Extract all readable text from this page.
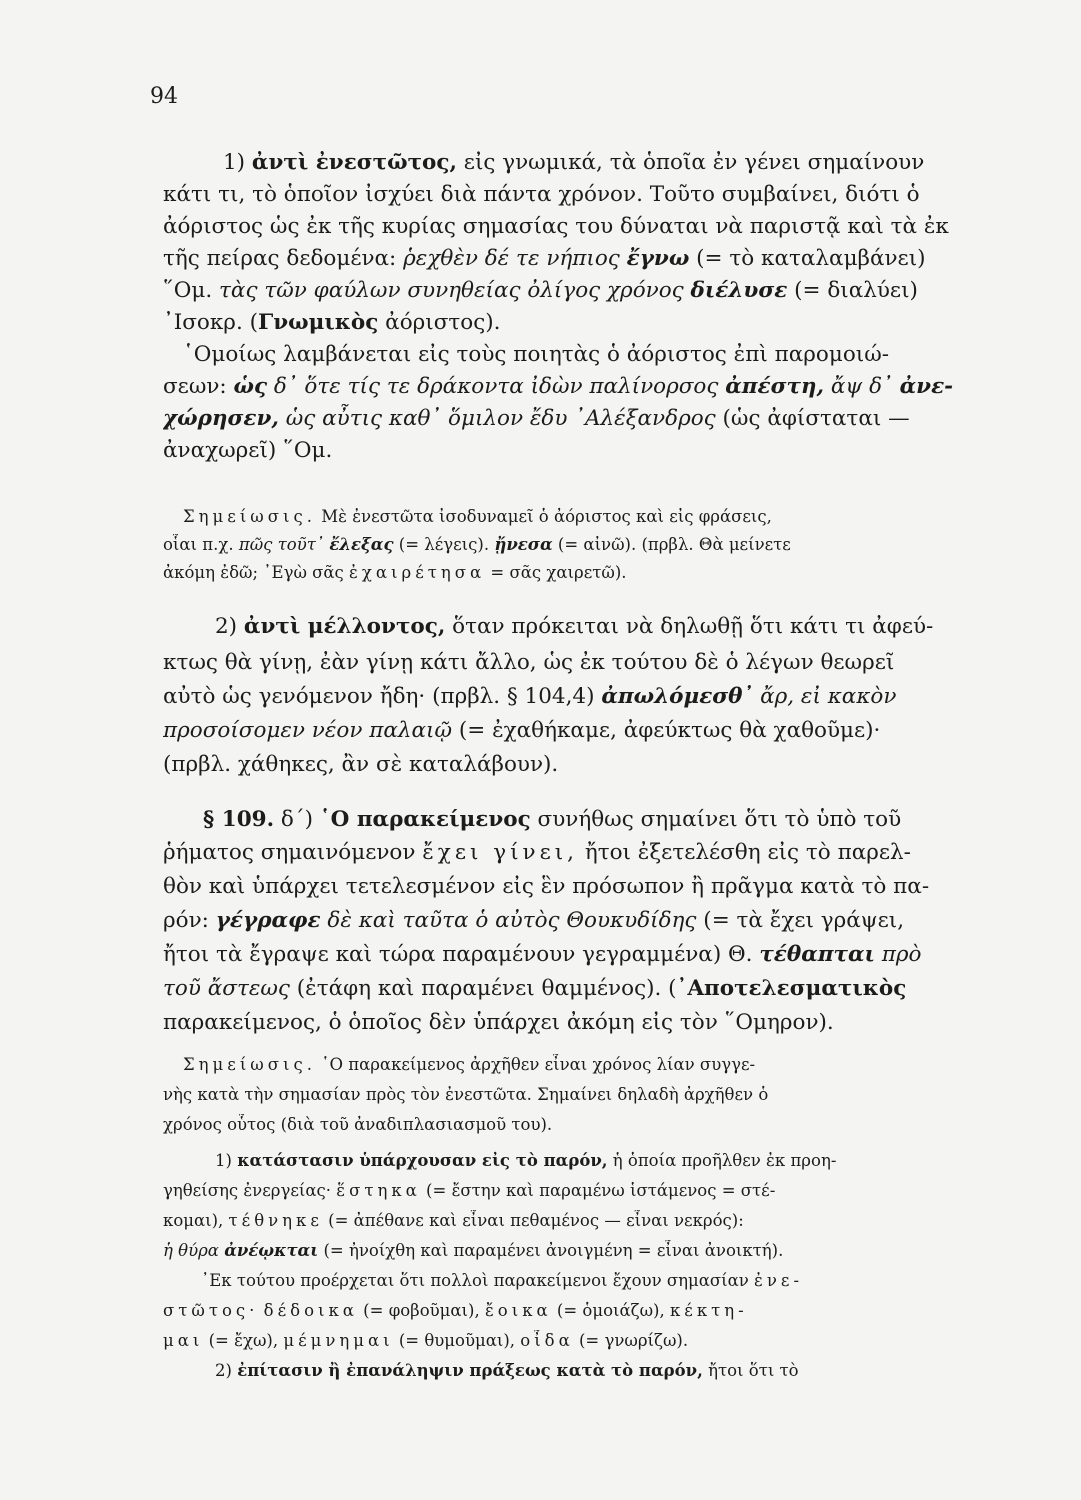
94
1) ἀντὶ ἐνεστῶτος, εἰς γνωμικά, τὰ ὁποῖα ἐν γένει σημαίνουν
κάτι τι, τὸ ὁποῖον ἰσχύει διὰ πάντα χρόνον. Τοῦτο συμβαίνει, διότι ὁ
ἀόριστος ὡς ἐκ τῆς κυρίας σημασίας του δύναται νὰ παριστᾷ καὶ τὰ ἐκ
τῆς πείρας δεδομένα: ῥεχθὲν δέ τε νήπιος ἔγνω (= τὸ καταλαμβάνει)
῞Ομ. τὰς τῶν φαύλων συνηθείας ὀλίγος χρόνος διέλυσε (= διαλύει)
᾿Ισοκρ. (Γνωμικὸς ἀόριστος).
῾Ομοίως λαμβάνεται εἰς τοὺς ποιητὰς ὁ ἀόριστος ἐπὶ παρομοιώ-
σεων: ὡς δ᾿ ὅτε τίς τε δράκοντα ἰδὼν παλίνορσος ἀπέστη, ἄψ δ᾿ ἀνε-
χώρησεν, ὡς αὖτις καθ᾿ ὅμιλον ἔδυ ᾿Αλέξανδρος (ὡς ἀφίσταται —
ἀναχωρεῖ) ῞Ομ.
Σημείωσις. Μὲ ἐνεστῶτα ἰσοδυναμεῖ ὁ ἀόριστος καὶ εἰς φράσεις,
οἷαι π.χ. πῶς τοῦτ᾿ ἔλεξας (= λέγεις). ᾔνεσα (= αἰνῶ). (πρβλ. Θὰ μείνετε
ἀκόμη ἐδῶ; ᾿Εγὼ σᾶς ἐχαιρέτησα = σᾶς χαιρετῶ).
2) ἀντὶ μέλλοντος, ὅταν πρόκειται νὰ δηλωθῇ ὅτι κάτι τι ἀφεύ-
κτως θὰ γίνῃ, ἐὰν γίνῃ κάτι ἄλλο, ὡς ἐκ τούτου δὲ ὁ λέγων θεωρεῖ
αὐτὸ ὡς γενόμενον ἤδη· (πρβλ. § 104,4) ἀπωλόμεσθ᾿ ἄρ, εἰ κακὸν
προσοίσομεν νέον παλαιῷ (= ἐχαθήκαμε, ἀφεύκτως θὰ χαθοῦμε)·
(πρβλ. χάθηκες, ἂν σὲ καταλάβουν).
§ 109. δ΄) ῾Ο παρακείμενος συνήθως σημαίνει ὅτι τὸ ὑπὸ τοῦ
ῥήματος σημαινόμενον ἔχει γίνει, ἤτοι ἐξετελέσθη εἰς τὸ παρελ-
θὸν καὶ ὑπάρχει τετελεσμένον εἰς ἓν πρόσωπον ἢ πρᾶγμα κατὰ τὸ πα-
ρόν: γέγραφε δὲ καὶ ταῦτα ὁ αὐτὸς Θουκυδίδης (= τὰ ἔχει γράψει,
ἤτοι τὰ ἔγραψε καὶ τώρα παραμένουν γεγραμμένα) Θ. τέθαπται πρὸ
τοῦ ἄστεως (ἐτάφη καὶ παραμένει θαμμένος). (᾿Αποτελεσματικὸς
παρακείμενος, ὁ ὁποῖος δὲν ὑπάρχει ἀκόμη εἰς τὸν ῞Ομηρον).
Σημείωσις. ῾Ο παρακείμενος ἀρχῆθεν εἶναι χρόνος λίαν συγγε-
νὴς κατὰ τὴν σημασίαν πρὸς τὸν ἐνεστῶτα. Σημαίνει δηλαδὴ ἀρχῆθεν ὁ
χρόνος οὗτος (διὰ τοῦ ἀναδιπλασιασμοῦ του).
1) κατάστασιν ὑπάρχουσαν εἰς τὸ παρόν, ἡ ὁποία προῆλθεν ἐκ προη-
γηθείσης ἐνεργείας· ἕστηκα (= ἔστην καὶ παραμένω ἱστάμενος = στέ-
κομαι), τέθνηκε (= ἀπέθανε καὶ εἶναι πεθαμένος — εἶναι νεκρός):
ἡ θύρα ἀνέῳκται (= ἠνοίχθη καὶ παραμένει ἀνοιγμένη = εἶναι ἀνοικτή).
᾿Εκ τούτου προέρχεται ὅτι πολλοὶ παρακείμενοι ἔχουν σημασίαν ἐνε-
στῶτος· δέδοικα (= φοβοῦμαι), ἔοικα (= ὁμοιάζω), κέκτη-
μαι (= ἔχω), μέμνημαι (= θυμοῦμαι), οἶδα (= γνωρίζω).
2) ἐπίτασιν ἢ ἐπανάληψιν πράξεως κατὰ τὸ παρόν, ἤτοι ὅτι τὸ
